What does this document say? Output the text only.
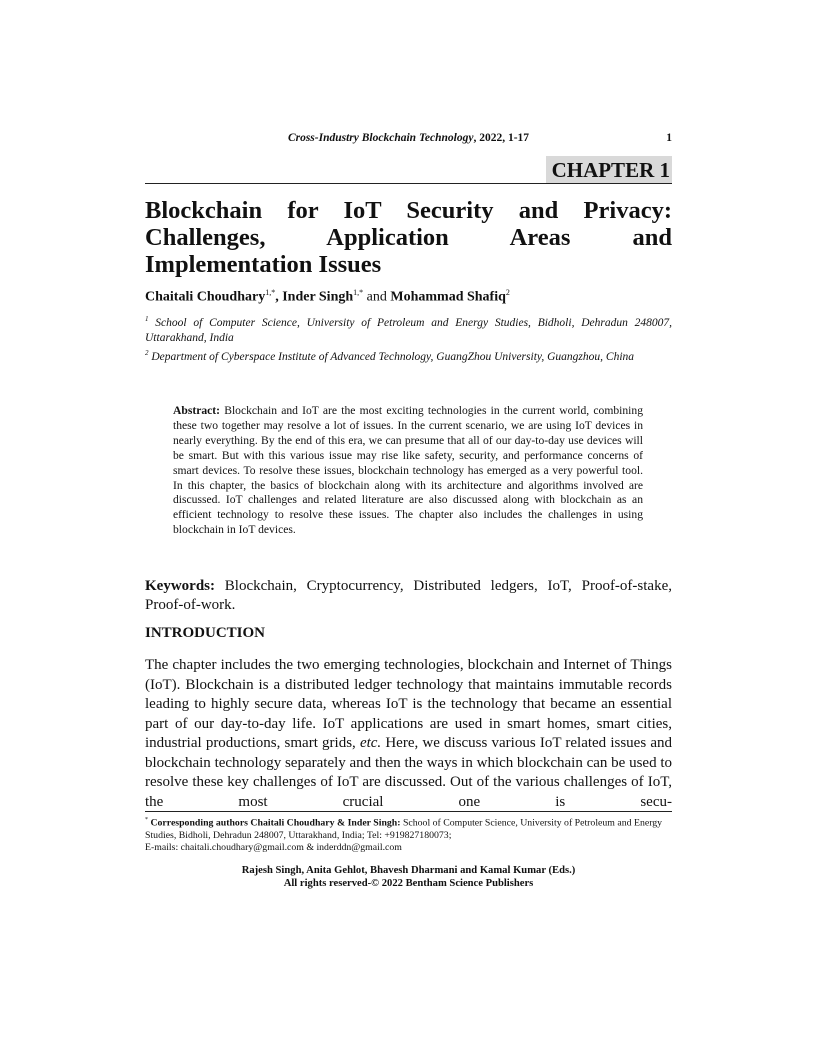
Cross-Industry Blockchain Technology, 2022, 1-17	1
CHAPTER 1
Blockchain for IoT Security and Privacy: Challenges, Application Areas and Implementation Issues
Chaitali Choudhary$^{1,*}$, Inder Singh$^{1,*}$ and Mohammad Shafiq$^2$
$^1$ School of Computer Science, University of Petroleum and Energy Studies, Bidholi, Dehradun 248007, Uttarakhand, India
$^2$ Department of Cyberspace Institute of Advanced Technology, GuangZhou University, Guangzhou, China
Abstract: Blockchain and IoT are the most exciting technologies in the current world, combining these two together may resolve a lot of issues. In the current scenario, we are using IoT devices in nearly everything. By the end of this era, we can presume that all of our day-to-day use devices will be smart. But with this various issue may rise like safety, security, and performance concerns of smart devices. To resolve these issues, blockchain technology has emerged as a very powerful tool. In this chapter, the basics of blockchain along with its architecture and algorithms involved are discussed. IoT challenges and related literature are also discussed along with blockchain as an efficient technology to resolve these issues. The chapter also includes the challenges in using blockchain in IoT devices.
Keywords: Blockchain, Cryptocurrency, Distributed ledgers, IoT, Proof-of-stake, Proof-of-work.
INTRODUCTION
The chapter includes the two emerging technologies, blockchain and Internet of Things (IoT). Blockchain is a distributed ledger technology that maintains immutable records leading to highly secure data, whereas IoT is the technology that became an essential part of our day-to-day life. IoT applications are used in smart homes, smart cities, industrial productions, smart grids, etc. Here, we discuss various IoT related issues and blockchain technology separately and then the ways in which blockchain can be used to resolve these key challenges of IoT are discussed. Out of the various challenges of IoT, the most crucial one is secu-
* Corresponding authors Chaitali Choudhary & Inder Singh: School of Computer Science, University of Petroleum and Energy Studies, Bidholi, Dehradun 248007, Uttarakhand, India; Tel: +919827180073;
E-mails: chaitali.choudhary@gmail.com & inderddn@gmail.com
Rajesh Singh, Anita Gehlot, Bhavesh Dharmani and Kamal Kumar (Eds.)
All rights reserved-© 2022 Bentham Science Publishers
